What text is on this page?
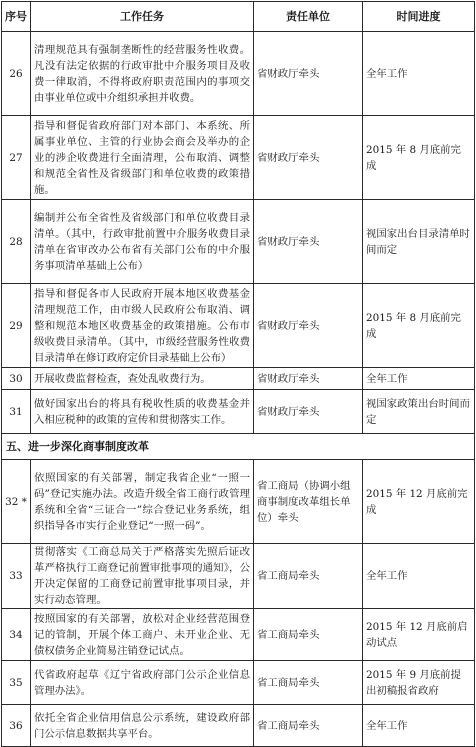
序号	工作任务	责任单位	时间进度
26	清理规范具有强制垄断性的经营服务性收费。凡没有法定依据的行政审批中介服务项目及收费一律取消，不得将政府职责范围内的事项交由事业单位或中介组织承担并收费。	省财政厅牵头	全年工作
27	指导和督促省政府部门对本部门、本系统、所属事业单位、主管的行业协会商会及举办的企业的涉企收费进行全面清理，公布取消、调整和规范全省性及省级部门和单位收费的政策措施。	省财政厅牵头	2015 年 8 月底前完成
28	编制并公布全省性及省级部门和单位收费目录清单。（其中，行政审批前置中介服务收费目录清单在省审改办公布省有关部门公布的中介服务事项清单基础上公布）	省财政厅牵头	视国家出台目录清单时间而定
29	指导和督促各市人民政府开展本地区收费基金清理规范工作，由市级人民政府公布取消、调整和规范本地区收费基金的政策措施。公布市级收费目录清单。（其中，市级经营服务性收费目录清单在修订政府定价目录基础上公布）	省财政厅牵头	2015 年 8 月底前完成
30	开展收费监督检查，查处乱收费行为。	省财政厅牵头	全年工作
31	做好国家出台的将具有税收性质的收费基金并入相应税种的政策的宣传和贯彻落实工作。	省财政厅牵头	视国家政策出台时间而定
五、进一步深化商事制度改革			
32 *	依照国家的有关部署，制定我省企业“一照一码”登记实施办法。改造升级全省工商行政管理系统和全省“三证合一”综合登记业务系统，组织指导各市实行企业登记“一照一码”。	省工商局（协调小组商事制度改革组长单位）牵头	2015 年 12 月底前完成
33	贯彻落实《工商总局关于严格落实先照后证改革严格执行工商登记前置审批事项的通知》，公开决定保留的工商登记前置审批事项目录，并实行动态管理。	省工商局牵头	全年工作
34	按照国家的有关部署，放松对企业经营范围登记的管制，开展个体工商户、未开业企业、无债权债务企业简易注销登记试点。	省工商局牵头	2015 年 12 月底前启动试点
35	代省政府起草《辽宁省政府部门公示企业信息管理办法》。	省工商局牵头	2015 年 9 月底前提出初稿报省政府
36	依托全省企业信用信息公示系统，建设政府部门公示信息数据共享平台。	省工商局牵头	全年工作
